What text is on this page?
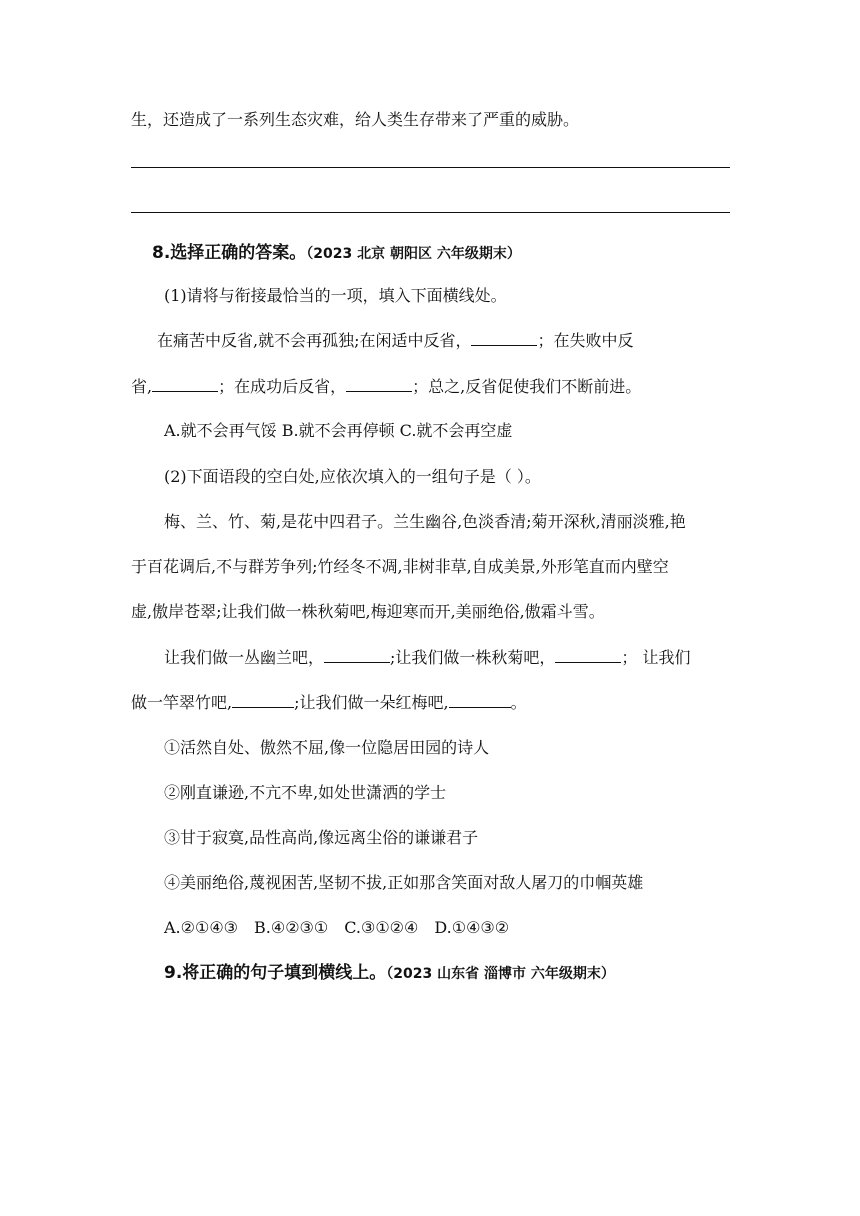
生，还造成了一系列生态灾难，给人类生存带来了严重的威胁。
8.选择正确的答案。（2023 北京 朝阳区 六年级期末）
(1)请将与衔接最恰当的一项，填入下面横线处。
在痛苦中反省,就不会再孤独;在闲适中反省，	；在失败中反
省,	；在成功后反省，	；总之,反省促使我们不断前进。
A.就不会再气馁 B.就不会再停顿 C.就不会再空虚
(2)下面语段的空白处,应依次填入的一组句子是（ ）。
梅、兰、竹、菊,是花中四君子。兰生幽谷,色淡香清;菊开深秋,清丽淡雅,艳
于百花调后,不与群芳争列;竹经冬不凋,非树非草,自成美景,外形笔直而内壁空
虚,傲岸苍翠;让我们做一株秋菊吧,梅迎寒而开,美丽绝俗,傲霜斗雪。
让我们做一丛幽兰吧，	;让我们做一株秋菊吧，	； 让我们
做一竿翠竹吧,	;让我们做一朵红梅吧,	。
①活然自处、傲然不屈,像一位隐居田园的诗人
②刚直谦逊,不亢不卑,如处世潇洒的学士
③甘于寂寞,品性高尚,像远离尘俗的谦谦君子
④美丽绝俗,蔑视困苦,坚韧不拔,正如那含笑面对敌人屠刀的巾帼英雄
A.②①④③ B.④②③① C.③①②④ D.①④③②
9.将正确的句子填到横线上。（2023 山东省 淄博市 六年级期末）
